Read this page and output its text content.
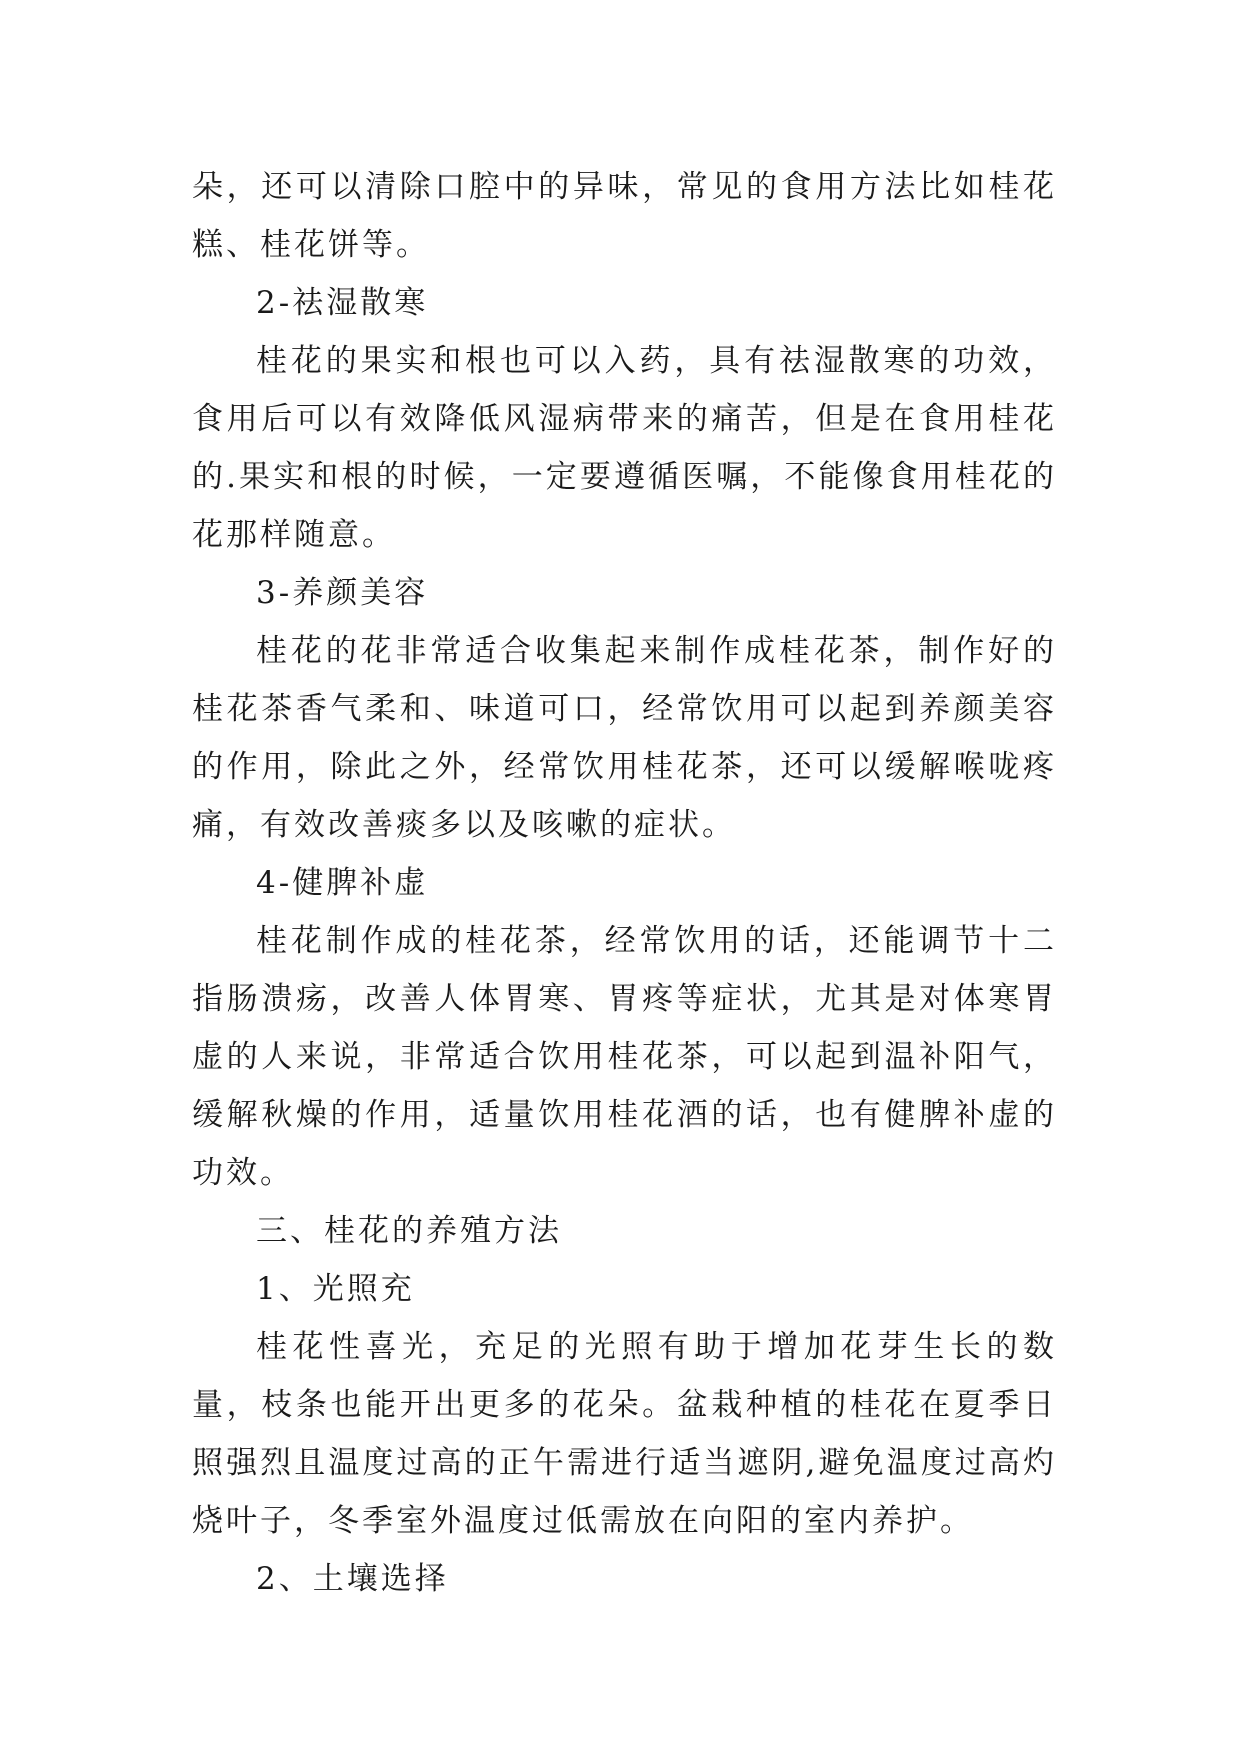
朵，还可以清除口腔中的异味，常见的食用方法比如桂花糕、桂花饼等。

2-祛湿散寒

桂花的果实和根也可以入药，具有祛湿散寒的功效，食用后可以有效降低风湿病带来的痛苦，但是在食用桂花的.果实和根的时候，一定要遵循医嘱，不能像食用桂花的花那样随意。

3-养颜美容

桂花的花非常适合收集起来制作成桂花茶，制作好的桂花茶香气柔和、味道可口，经常饮用可以起到养颜美容的作用，除此之外，经常饮用桂花茶，还可以缓解喉咙疼痛，有效改善痰多以及咳嗽的症状。

4-健脾补虚

桂花制作成的桂花茶，经常饮用的话，还能调节十二指肠溃疡，改善人体胃寒、胃疼等症状，尤其是对体寒胃虚的人来说，非常适合饮用桂花茶，可以起到温补阳气，缓解秋燥的作用，适量饮用桂花酒的话，也有健脾补虚的功效。

三、桂花的养殖方法

1、光照充

桂花性喜光，充足的光照有助于增加花芽生长的数量，枝条也能开出更多的花朵。盆栽种植的桂花在夏季日照强烈且温度过高的正午需进行适当遮阴,避免温度过高灼烧叶子，冬季室外温度过低需放在向阳的室内养护。

2、土壤选择
